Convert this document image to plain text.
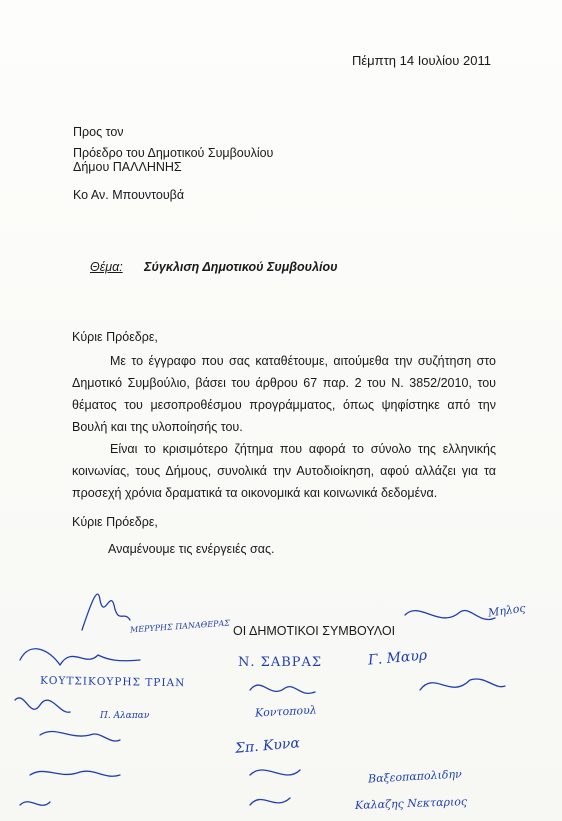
Πέμπτη 14 Ιουλίου 2011
Προς τον
Πρόεδρο του Δημοτικού Συμβουλίου
Δήμου ΠΑΛΛΗΝΗΣ
Κο Αν. Μπουντουβά
Θέμα: Σύγκλιση Δημοτικού Συμβουλίου
Κύριε Πρόεδρε,
Με το έγγραφο που σας καταθέτουμε, αιτούμεθα την συζήτηση στο Δημοτικό Συμβούλιο, βάσει του άρθρου 67 παρ. 2 του Ν. 3852/2010, του θέματος του μεσοπροθέσμου προγράμματος, όπως ψηφίστηκε από την Βουλή και της υλοποίησής του.
Είναι το κρισιμότερο ζήτημα που αφορά το σύνολο της ελληνικής κοινωνίας, τους Δήμους, συνολικά την Αυτοδιοίκηση, αφού αλλάζει για τα προσεχή χρόνια δραματικά τα οικονομικά και κοινωνικά δεδομένα.
Κύριε Πρόεδρε,
Αναμένουμε τις ενέργειές σας.
ΟΙ ΔΗΜΟΤΙΚΟΙ ΣΥΜΒΟΥΛΟΙ
ΜΕΡΥΡΗΣ ΠΑΝΑΘΕΡΑΣ
ΚΟΥΤΣΙΚΟΥΡΗΣ ΤΡΙΑΝ
Ν. ΣΑΒΡΑΣ	Γ. Μαυρ
Μηλος
Π. Αλαπαν	Κοντοπουλ
Σπ. Κυνα
Βαξεοπαπολιδην
Καλαζης Νεκταριος
